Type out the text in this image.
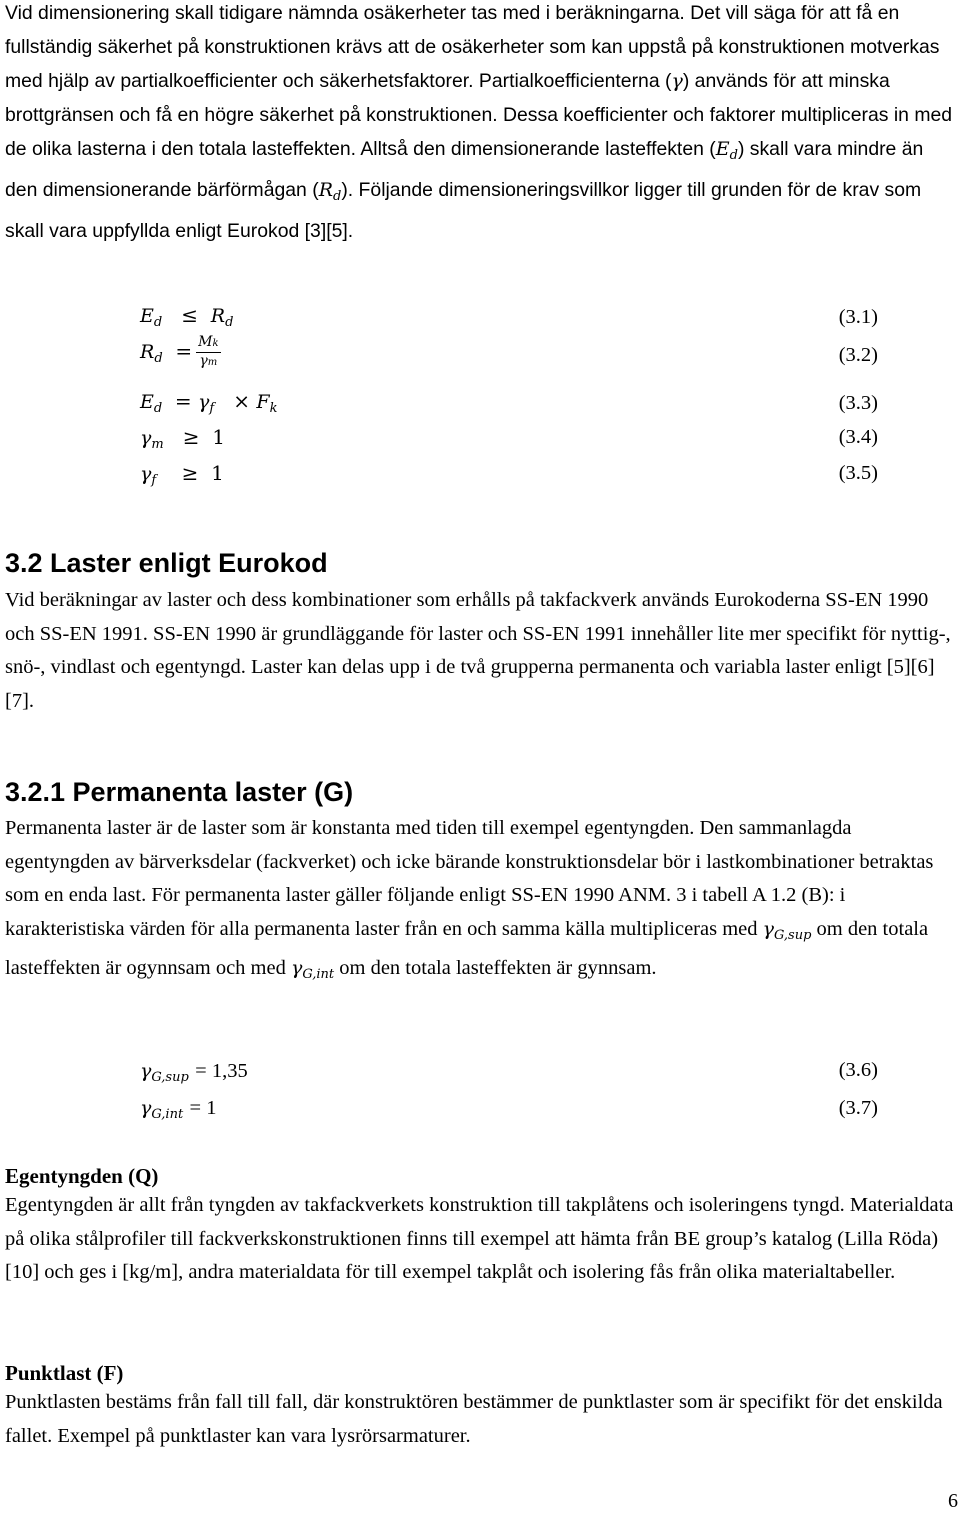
Vid dimensionering skall tidigare nämnda osäkerheter tas med i beräkningarna. Det vill säga för att få en fullständig säkerhet på konstruktionen krävs att de osäkerheter som kan uppstå på konstruktionen motverkas med hjälp av partialkoefficienter och säkerhetsfaktorer. Partialkoefficienterna (γ) används för att minska brottgränsen och få en högre säkerhet på konstruktionen. Dessa koefficienter och faktorer multipliceras in med de olika lasterna i den totala lasteffekten. Alltså den dimensionerande lasteffekten $(E_d)$ skall vara mindre än den dimensionerande bärförmågan $(R_d)$. Följande dimensioneringsvillkor ligger till grunden för de krav som skall vara uppfyllda enligt Eurokod [3][5].

$E_d \le R_d$	(3.1)
$R_d = \frac{Mk}{\gamma m}$	(3.2)
$E_d = \gamma_f \times F_k$	(3.3)
$\gamma_m \ge 1$	(3.4)
$\gamma_f$    ≥  1	(3.5)
3.2 Laster enligt Eurokod

Vid beräkningar av laster och dess kombinationer som erhålls på takfackverk används Eurokoderna SS-EN 1990 och SS-EN 1991. SS-EN 1990 är grundläggande för laster och SS-EN 1991 innehåller lite mer specifikt för nyttig-, snö-, vindlast och egentyngd. Laster kan delas upp i de två grupperna permanenta och variabla laster enligt [5][6][7].

3.2.1 Permanenta laster (G)

Permanenta laster är de laster som är konstanta med tiden till exempel egentyngden. Den sammanlagda egentyngden av bärverksdelar (fackverket) och icke bärande konstruktionsdelar bör i lastkombinationer betraktas som en enda last. För permanenta laster gäller följande enligt SS-EN 1990 ANM. 3 i tabell A 1.2 (B): i karakteristiska värden för alla permanenta laster från en och samma källa multipliceras med $\gamma_{G,sup}$ om den totala lasteffekten är ogynnsam och med $\gamma_{G,int}$ om den totala lasteffekten är gynnsam.

$\gamma_{G,sup} = 1,35$	(3.6)
$\gamma_{G,int} = 1$	(3.7)
Egentyngden (Q)

Egentyngden är allt från tyngden av takfackverkets konstruktion till takplåtens och isoleringens tyngd. Materialdata på olika stålprofiler till fackverkskonstruktionen finns till exempel att hämta från BE group’s katalog (Lilla Röda) [10] och ges i [kg/m], andra materialdata för till exempel takplåt och isolering fås från olika materialtabeller.

Punktlast (F)

Punktlasten bestäms från fall till fall, där konstruktören bestämmer de punktlaster som är specifikt för det enskilda fallet. Exempel på punktlaster kan vara lysrörsarmaturer.

6
